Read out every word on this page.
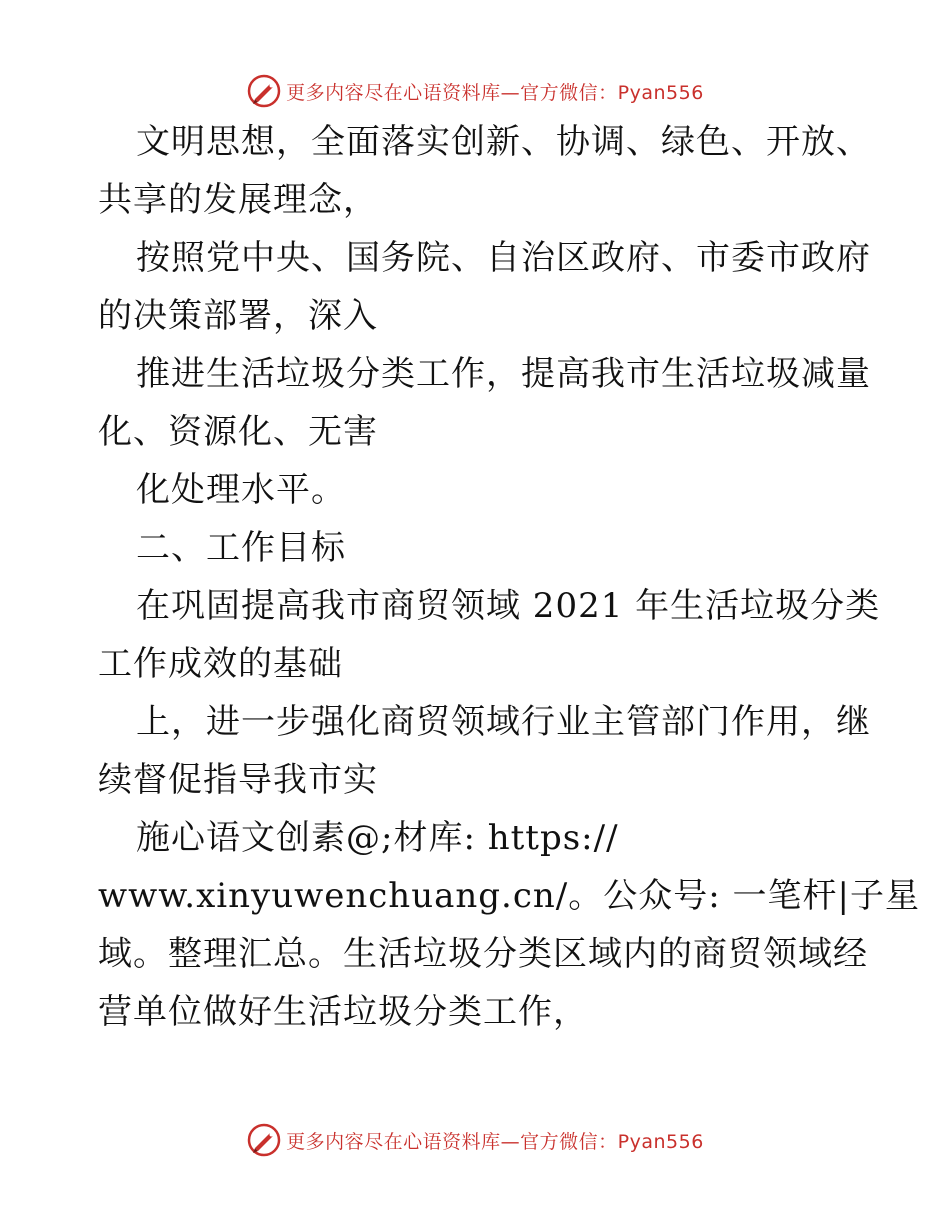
更多内容尽在心语资料库—官方微信：Pyan556
文明思想，全面落实创新、协调、绿色、开放、
共享的发展理念，
按照党中央、国务院、自治区政府、市委市政府
的决策部署，深入
推进生活垃圾分类工作，提高我市生活垃圾减量
化、资源化、无害
化处理水平。
二、工作目标
在巩固提高我市商贸领域 2021 年生活垃圾分类
工作成效的基础
上，进一步强化商贸领域行业主管部门作用，继
续督促指导我市实
施心语文创素@;材库: https://
www.xinyuwenchuang.cn/。公众号: 一笔杆|子星
域。整理汇总。生活垃圾分类区域内的商贸领域经
营单位做好生活垃圾分类工作，
更多内容尽在心语资料库—官方微信：Pyan556
